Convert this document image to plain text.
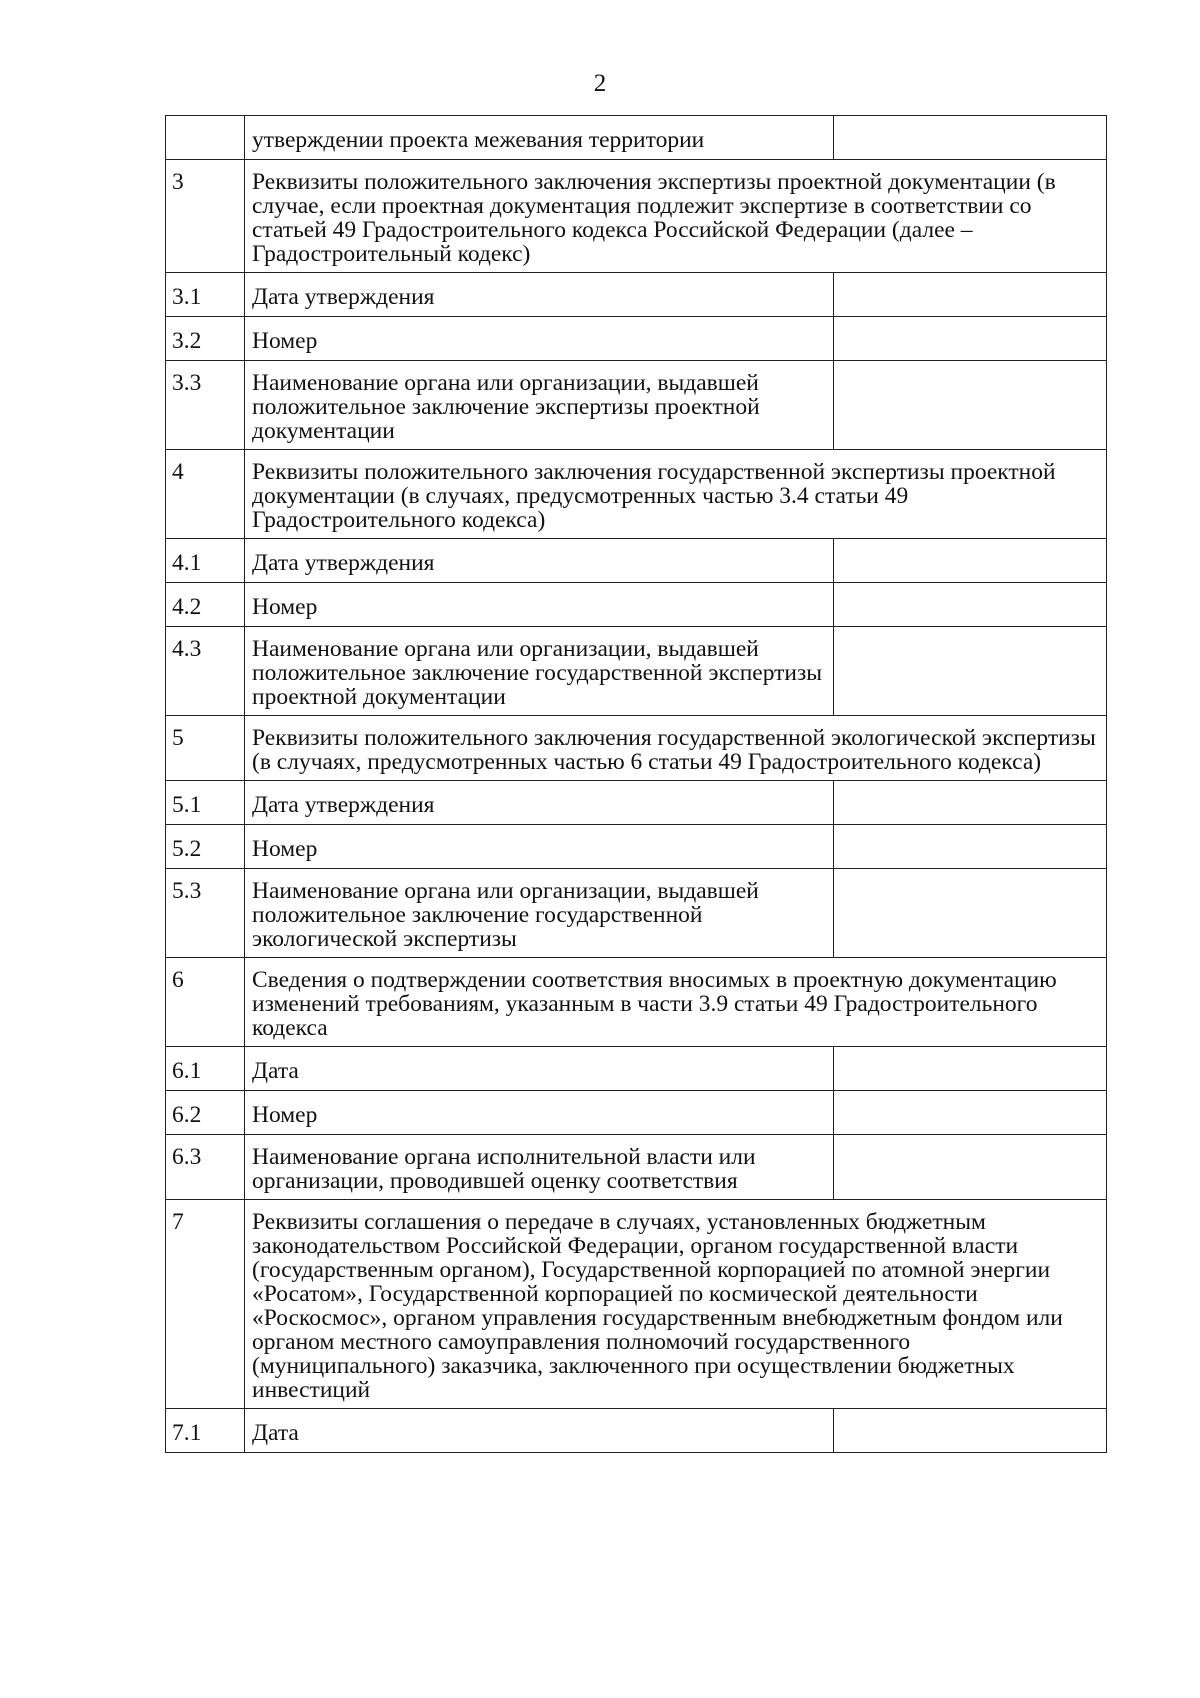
2
	утверждении проекта межевания территории	
3	Реквизиты положительного заключения экспертизы проектной документации (в случае, если проектная документация подлежит экспертизе в соответствии со статьей 49 Градостроительного кодекса Российской Федерации (далее – Градостроительный кодекс)	
3.1	Дата утверждения	
3.2	Номер	
3.3	Наименование органа или организации, выдавшей положительное заключение экспертизы проектной документации	
4	Реквизиты положительного заключения государственной экспертизы проектной документации (в случаях, предусмотренных частью 3.4 статьи 49 Градостроительного кодекса)	
4.1	Дата утверждения	
4.2	Номер	
4.3	Наименование органа или организации, выдавшей положительное заключение государственной экспертизы проектной документации	
5	Реквизиты положительного заключения государственной экологической экспертизы (в случаях, предусмотренных частью 6 статьи 49 Градостроительного кодекса)	
5.1	Дата утверждения	
5.2	Номер	
5.3	Наименование органа или организации, выдавшей положительное заключение государственной экологической экспертизы	
6	Сведения о подтверждении соответствия вносимых в проектную документацию изменений требованиям, указанным в части 3.9 статьи 49 Градостроительного кодекса	
6.1	Дата	
6.2	Номер	
6.3	Наименование органа исполнительной власти или организации, проводившей оценку соответствия	
7	Реквизиты соглашения о передаче в случаях, установленных бюджетным законодательством Российской Федерации, органом государственной власти (государственным органом), Государственной корпорацией по атомной энергии «Росатом», Государственной корпорацией по космической деятельности «Роскосмос», органом управления государственным внебюджетным фондом или органом местного самоуправления полномочий государственного (муниципального) заказчика, заключенного при осуществлении бюджетных инвестиций	
7.1	Дата	
